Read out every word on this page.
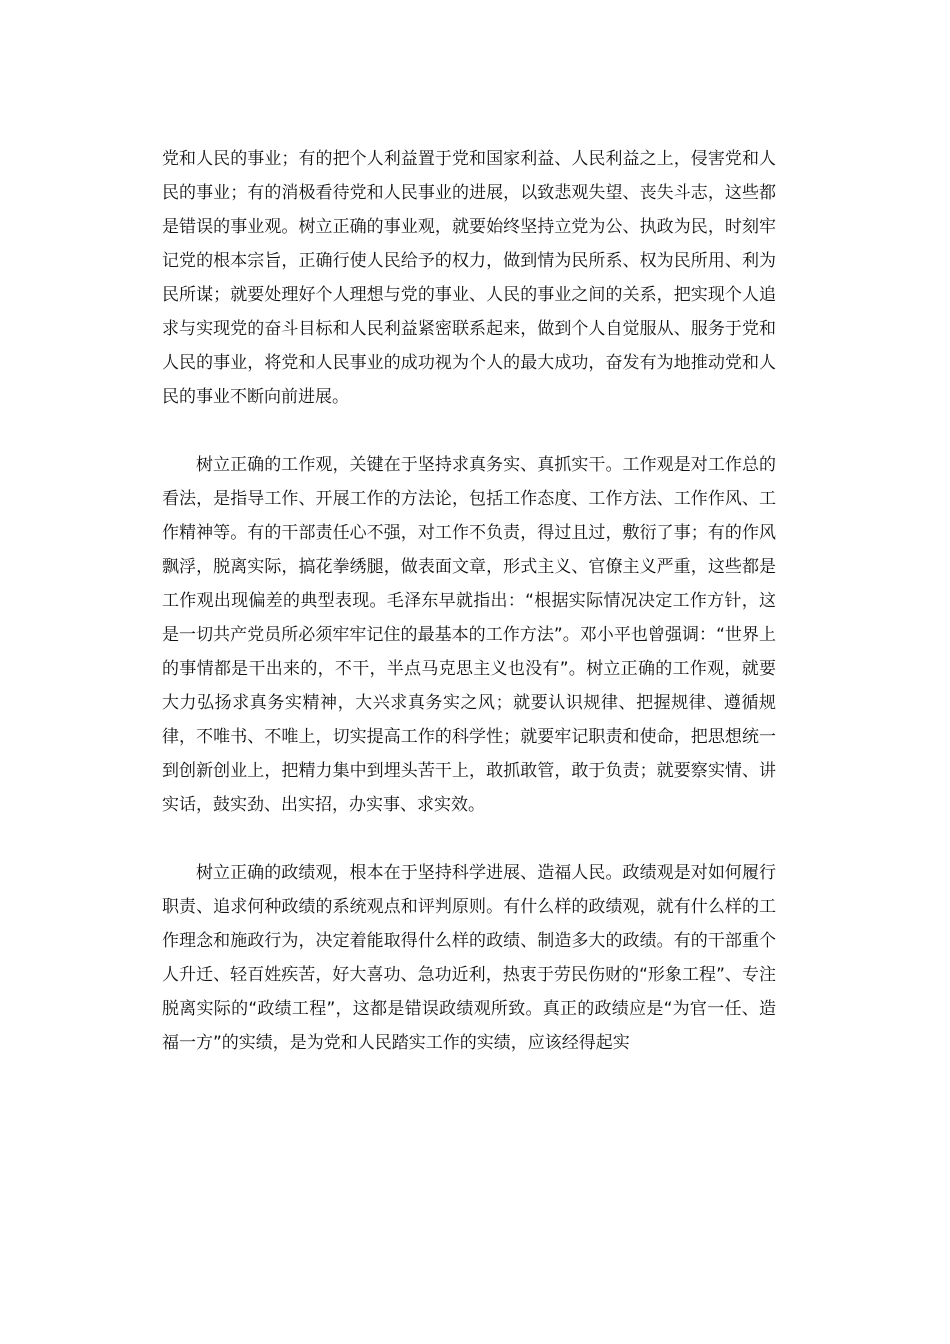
党和人民的事业；有的把个人利益置于党和国家利益、人民利益之上，侵害党和人民的事业；有的消极看待党和人民事业的进展，以致悲观失望、丧失斗志，这些都是错误的事业观。树立正确的事业观，就要始终坚持立党为公、执政为民，时刻牢记党的根本宗旨，正确行使人民给予的权力，做到情为民所系、权为民所用、利为民所谋；就要处理好个人理想与党的事业、人民的事业之间的关系，把实现个人追求与实现党的奋斗目标和人民利益紧密联系起来，做到个人自觉服从、服务于党和人民的事业，将党和人民事业的成功视为个人的最大成功，奋发有为地推动党和人民的事业不断向前进展。

树立正确的工作观，关键在于坚持求真务实、真抓实干。工作观是对工作总的看法，是指导工作、开展工作的方法论，包括工作态度、工作方法、工作作风、工作精神等。有的干部责任心不强，对工作不负责，得过且过，敷衍了事；有的作风飘浮，脱离实际，搞花拳绣腿，做表面文章，形式主义、官僚主义严重，这些都是工作观出现偏差的典型表现。毛泽东早就指出：“根据实际情况决定工作方针，这是一切共产党员所必须牢牢记住的最基本的工作方法”。邓小平也曾强调：“世界上的事情都是干出来的，不干，半点马克思主义也没有”。树立正确的工作观，就要大力弘扬求真务实精神，大兴求真务实之风；就要认识规律、把握规律、遵循规律，不唯书、不唯上，切实提高工作的科学性；就要牢记职责和使命，把思想统一到创新创业上，把精力集中到埋头苦干上，敢抓敢管，敢于负责；就要察实情、讲实话，鼓实劲、出实招，办实事、求实效。

树立正确的政绩观，根本在于坚持科学进展、造福人民。政绩观是对如何履行职责、追求何种政绩的系统观点和评判原则。有什么样的政绩观，就有什么样的工作理念和施政行为，决定着能取得什么样的政绩、制造多大的政绩。有的干部重个人升迁、轻百姓疾苦，好大喜功、急功近利，热衷于劳民伤财的“形象工程”、专注脱离实际的“政绩工程”，这都是错误政绩观所致。真正的政绩应是“为官一任、造福一方”的实绩，是为党和人民踏实工作的实绩，应该经得起实
